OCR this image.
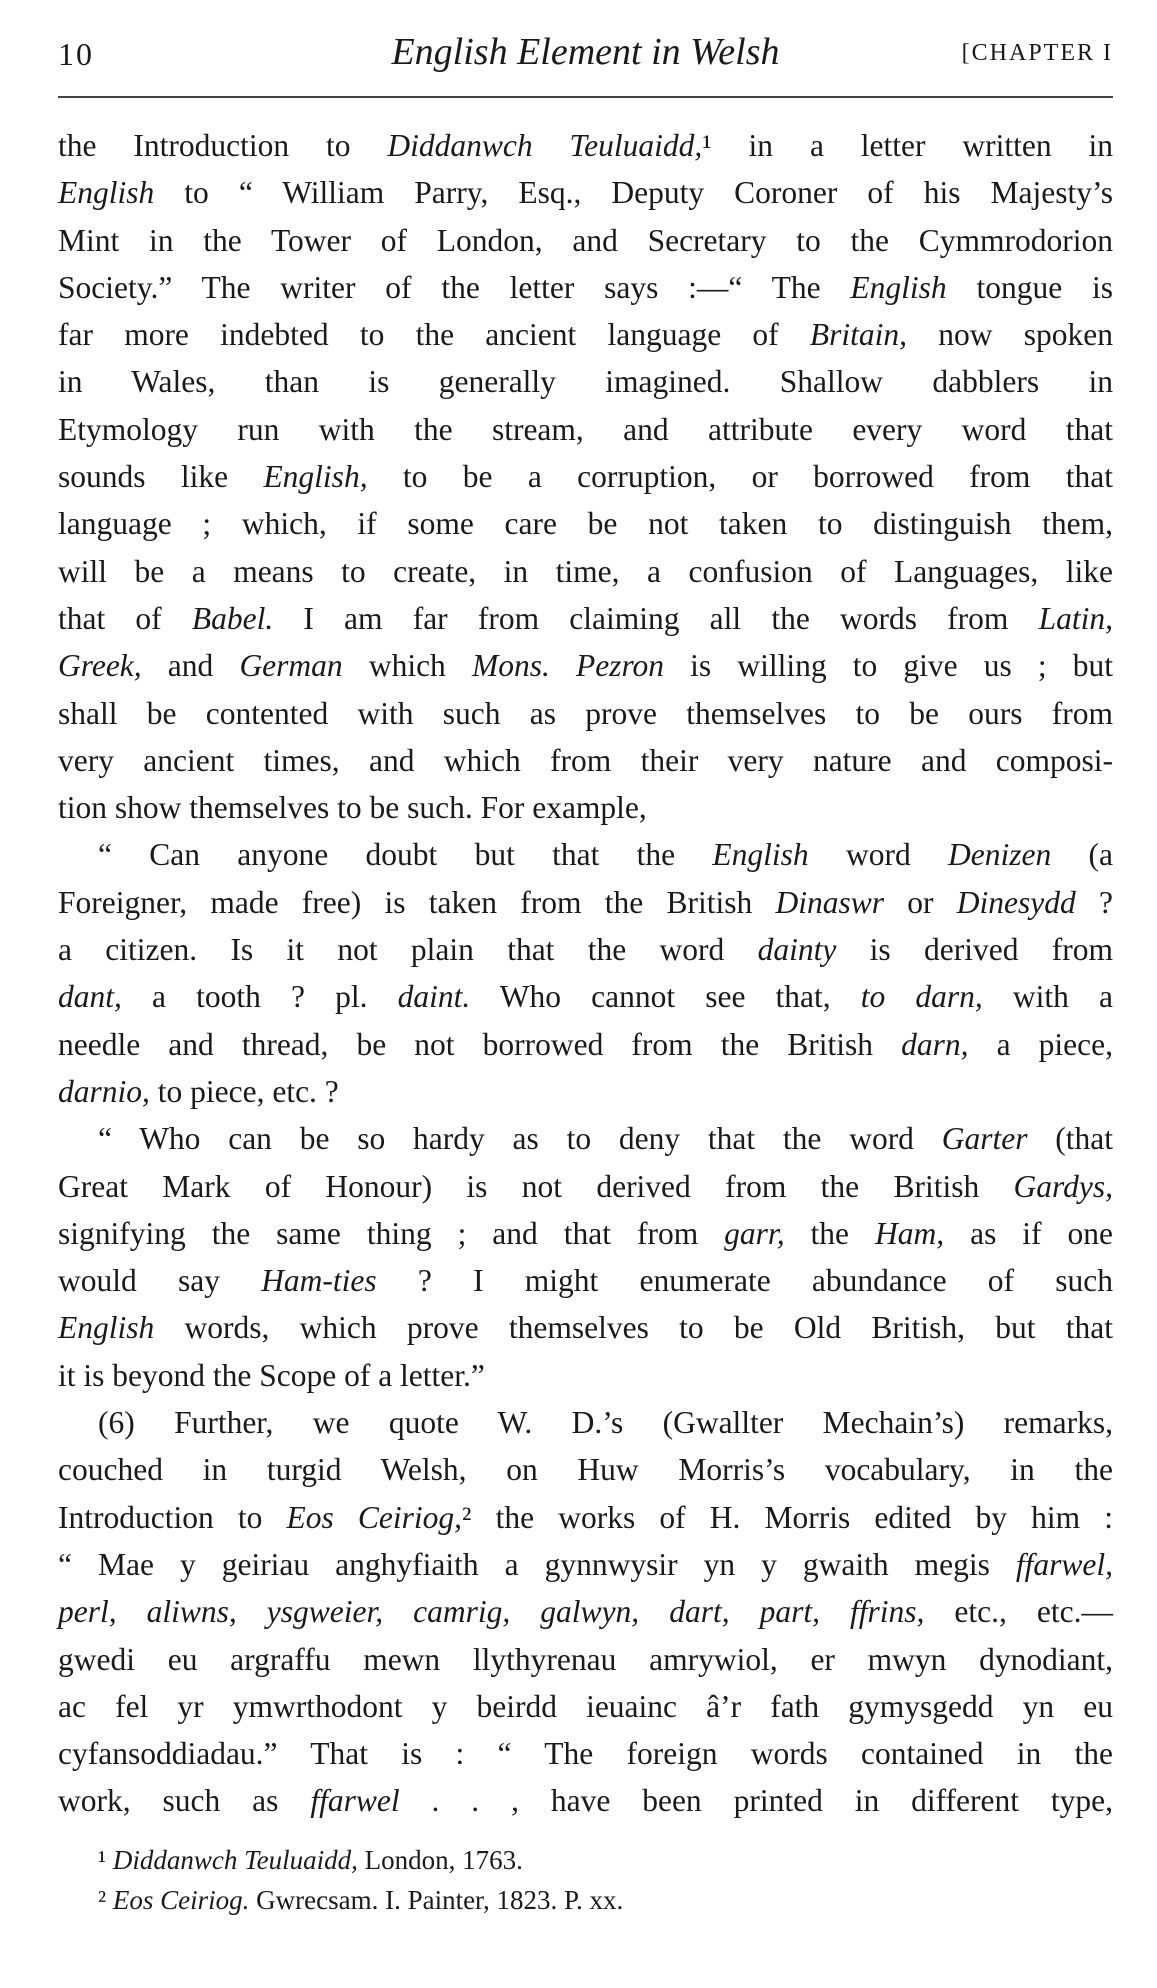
10	English Element in Welsh	[CHAPTER I
the Introduction to Diddanwch Teuluaidd,¹ in a letter written in
English to “ William Parry, Esq., Deputy Coroner of his Majesty’s
Mint in the Tower of London, and Secretary to the Cymmrodorion
Society.” The writer of the letter says :—“ The English tongue is
far more indebted to the ancient language of Britain, now spoken
in Wales, than is generally imagined. Shallow dabblers in
Etymology run with the stream, and attribute every word that
sounds like English, to be a corruption, or borrowed from that
language ; which, if some care be not taken to distinguish them,
will be a means to create, in time, a confusion of Languages, like
that of Babel. I am far from claiming all the words from Latin,
Greek, and German which Mons. Pezron is willing to give us ; but
shall be contented with such as prove themselves to be ours from
very ancient times, and which from their very nature and composi-
tion show themselves to be such. For example,
“ Can anyone doubt but that the English word Denizen (a
Foreigner, made free) is taken from the British Dinaswr or Dinesydd ?
a citizen. Is it not plain that the word dainty is derived from
dant, a tooth ? pl. daint. Who cannot see that, to darn, with a
needle and thread, be not borrowed from the British darn, a piece,
darnio, to piece, etc. ?
“ Who can be so hardy as to deny that the word Garter (that
Great Mark of Honour) is not derived from the British Gardys,
signifying the same thing ; and that from garr, the Ham, as if one
would say Ham-ties ? I might enumerate abundance of such
English words, which prove themselves to be Old British, but that
it is beyond the Scope of a letter.”
(6) Further, we quote W. D.’s (Gwallter Mechain’s) remarks,
couched in turgid Welsh, on Huw Morris’s vocabulary, in the
Introduction to Eos Ceiriog,² the works of H. Morris edited by him :
“ Mae y geiriau anghyfiaith a gynnwysir yn y gwaith megis ffarwel,
perl, aliwns, ysgweier, camrig, galwyn, dart, part, ffrins, etc., etc.—
gwedi eu argraffu mewn llythyrenau amrywiol, er mwyn dynodiant,
ac fel yr ymwrthodont y beirdd ieuainc â’r fath gymysgedd yn eu
cyfansoddiadau.” That is : “ The foreign words contained in the
work, such as ffarwel . . , have been printed in different type,
¹ Diddanwch Teuluaidd, London, 1763.
² Eos Ceiriog. Gwrecsam. I. Painter, 1823. P. xx.
